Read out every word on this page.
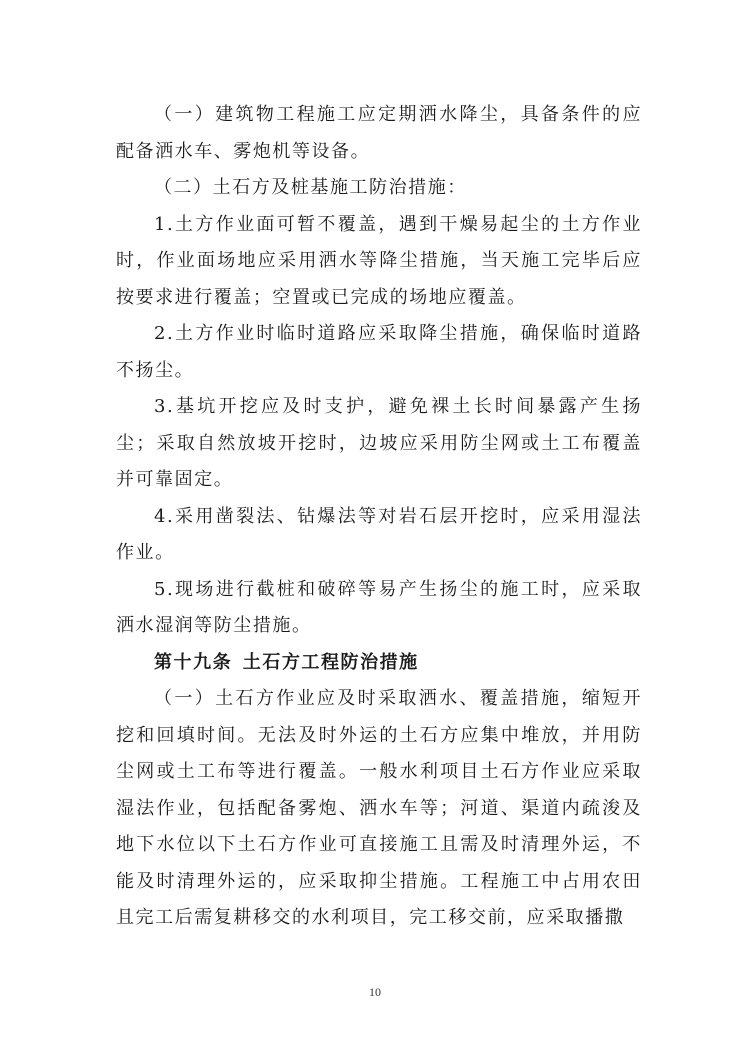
（一）建筑物工程施工应定期洒水降尘，具备条件的应配备洒水车、雾炮机等设备。

（二）土石方及桩基施工防治措施：

1.土方作业面可暂不覆盖，遇到干燥易起尘的土方作业时，作业面场地应采用洒水等降尘措施，当天施工完毕后应按要求进行覆盖；空置或已完成的场地应覆盖。

2.土方作业时临时道路应采取降尘措施，确保临时道路不扬尘。

3.基坑开挖应及时支护，避免裸土长时间暴露产生扬尘；采取自然放坡开挖时，边坡应采用防尘网或土工布覆盖并可靠固定。

4.采用凿裂法、钻爆法等对岩石层开挖时，应采用湿法作业。

5.现场进行截桩和破碎等易产生扬尘的施工时，应采取洒水湿润等防尘措施。

第十九条  土石方工程防治措施

（一）土石方作业应及时采取洒水、覆盖措施，缩短开挖和回填时间。无法及时外运的土石方应集中堆放，并用防尘网或土工布等进行覆盖。一般水利项目土石方作业应采取湿法作业，包括配备雾炮、洒水车等；河道、渠道内疏浚及地下水位以下土石方作业可直接施工且需及时清理外运，不能及时清理外运的，应采取抑尘措施。工程施工中占用农田且完工后需复耕移交的水利项目，完工移交前，应采取播撒

10
